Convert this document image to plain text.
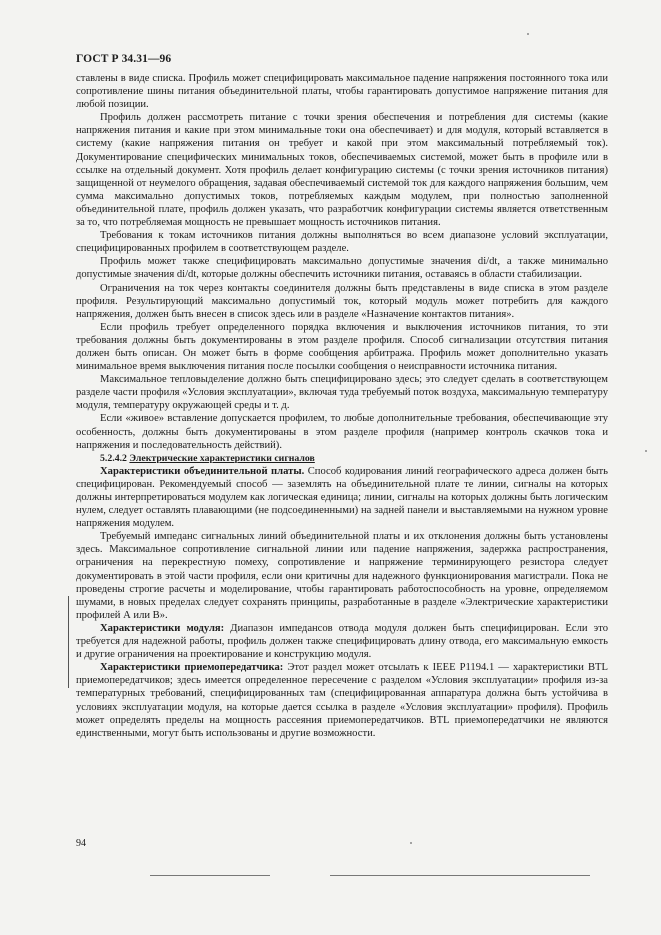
ГОСТ Р 34.31—96

ставлены в виде списка. Профиль может специфицировать максимальное падение напряжения постоянного тока или сопротивление шины питания объединительной платы, чтобы гарантировать допустимое напряжение питания для любой позиции.

Профиль должен рассмотреть питание с точки зрения обеспечения и потребления для системы (какие напряжения питания и какие при этом минимальные токи она обеспечивает) и для модуля, который вставляется в систему (какие напряжения питания он требует и какой при этом максимальный потребляемый ток). Документирование специфических минимальных токов, обеспечиваемых системой, может быть в профиле или в ссылке на отдельный документ. Хотя профиль делает конфигурацию системы (с точки зрения источников питания) защищенной от неумелого обращения, задавая обеспечиваемый системой ток для каждого напряжения большим, чем сумма максимально допустимых токов, потребляемых каждым модулем, при полностью заполненной объединительной плате, профиль должен указать, что разработчик конфигурации системы является ответственным за то, что потребляемая мощность не превышает мощность источников питания.

Требования к токам источников питания должны выполняться во всем диапазоне условий эксплуатации, специфицированных профилем в соответствующем разделе.

Профиль может также специфицировать максимально допустимые значения di/dt, а также минимально допустимые значения di/dt, которые должны обеспечить источники питания, оставаясь в области стабилизации.

Ограничения на ток через контакты соединителя должны быть представлены в виде списка в этом разделе профиля. Результирующий максимально допустимый ток, который модуль может потребить для каждого напряжения, должен быть внесен в список здесь или в разделе «Назначение контактов питания».

Если профиль требует определенного порядка включения и выключения источников питания, то эти требования должны быть документированы в этом разделе профиля. Способ сигнализации отсутствия питания должен быть описан. Он может быть в форме сообщения арбитража. Профиль может дополнительно указать минимальное время выключения питания после посылки сообщения о неисправности источника питания.

Максимальное тепловыделение должно быть специфицировано здесь; это следует сделать в соответствующем разделе части профиля «Условия эксплуатации», включая туда требуемый поток воздуха, максимальную температуру модуля, температуру окружающей среды и т. д.

Если «живое» вставление допускается профилем, то любые дополнительные требования, обеспечивающие эту особенность, должны быть документированы в этом разделе профиля (например контроль скачков тока и напряжения и последовательность действий).

5.2.4.2 Электрические характеристики сигналов

Характеристики объединительной платы. Способ кодирования линий географического адреса должен быть специфицирован. Рекомендуемый способ — заземлять на объединительной плате те линии, сигналы на которых должны интерпретироваться модулем как логическая единица; линии, сигналы на которых должны быть логическим нулем, следует оставлять плавающими (не подсоединенными) на задней панели и выставляемыми на нужном уровне напряжения модулем.

Требуемый импеданс сигнальных линий объединительной платы и их отклонения должны быть установлены здесь. Максимальное сопротивление сигнальной линии или падение напряжения, задержка распространения, ограничения на перекрестную помеху, сопротивление и напряжение терминирующего резистора следует документировать в этой части профиля, если они критичны для надежного функционирования магистрали. Пока не проведены строгие расчеты и моделирование, чтобы гарантировать работоспособность на уровне, определяемом шумами, в новых пределах следует сохранять принципы, разработанные в разделе «Электрические характеристики профилей А или В».

Характеристики модуля: Диапазон импедансов отвода модуля должен быть специфицирован. Если это требуется для надежной работы, профиль должен также специфицировать длину отвода, его максимальную емкость и другие ограничения на проектирование и конструкцию модуля.

Характеристики приемопередатчика: Этот раздел может отсылать к IEEE P1194.1 — характеристики BTL приемопередатчиков; здесь имеется определенное пересечение с разделом «Условия эксплуатации» профиля из-за температурных требований, специфицированных там (специфицированная аппаратура должна быть устойчива в условиях эксплуатации модуля, на которые дается ссылка в разделе «Условия эксплуатации» профиля). Профиль может определять пределы на мощность рассеяния приемопередатчиков. BTL приемопередатчики не являются единственными, могут быть использованы и другие возможности.

94
